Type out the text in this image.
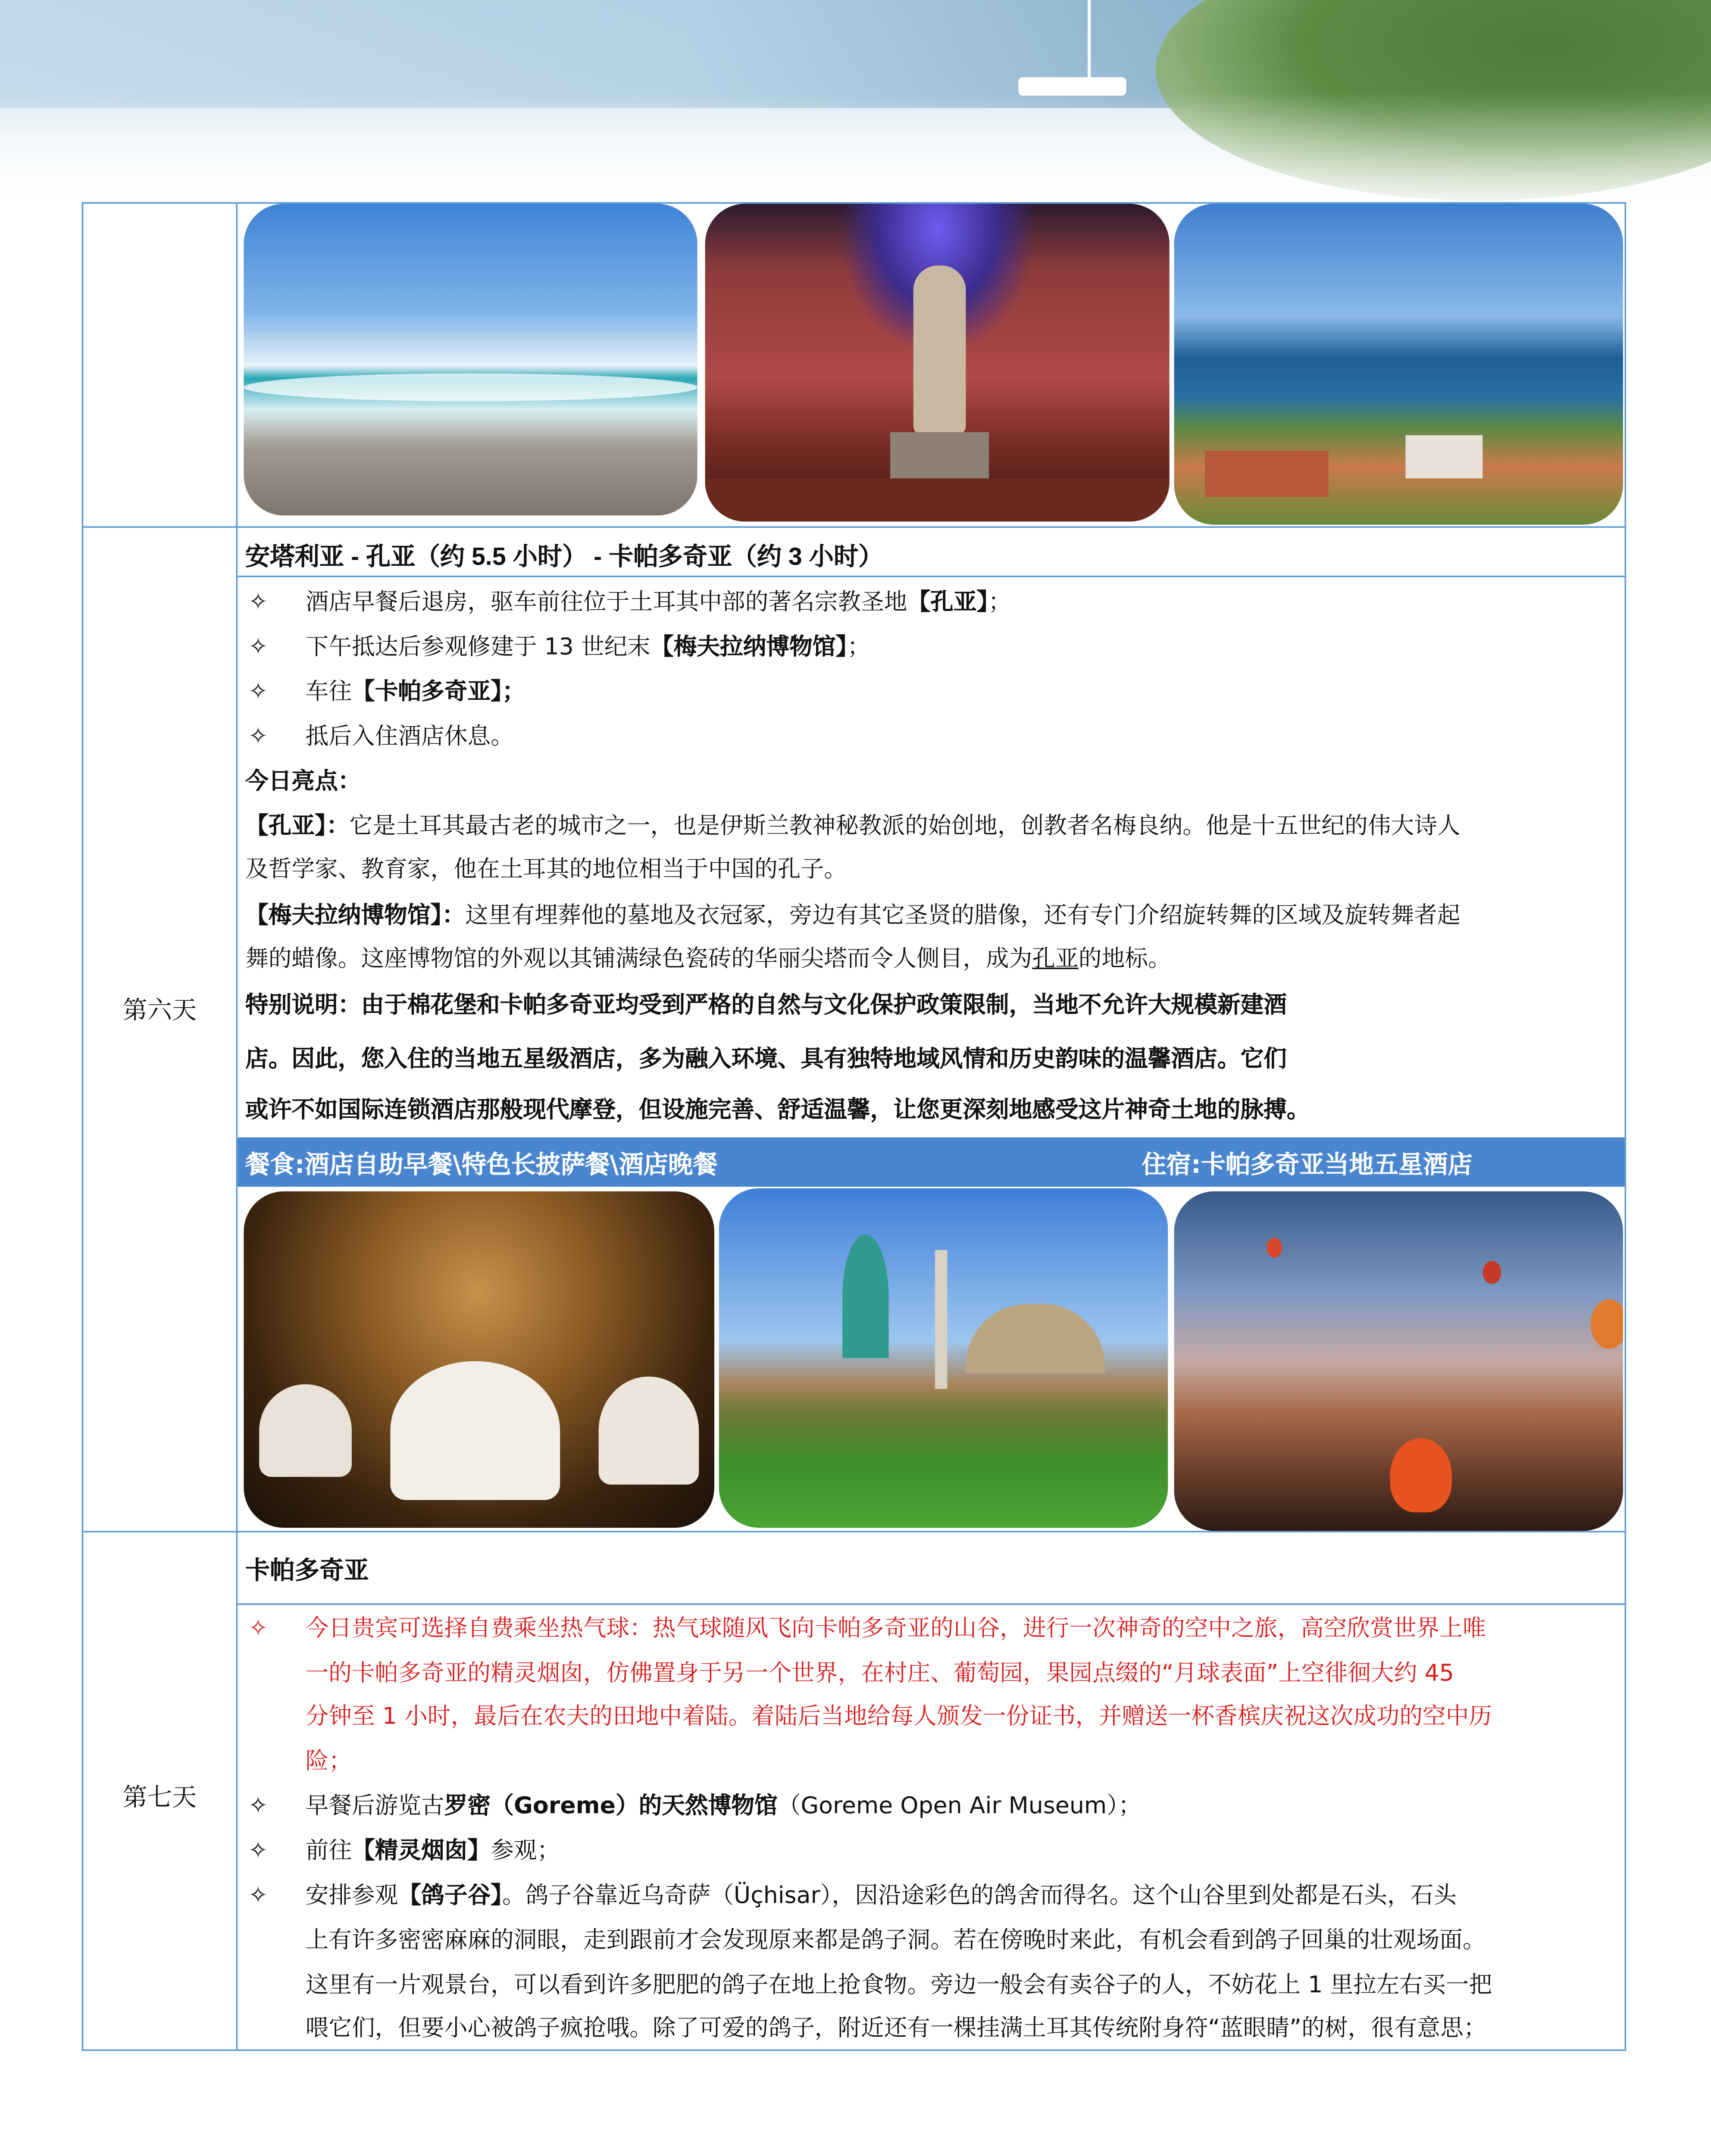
第六天
安塔利亚 - 孔亚（约 5.5 小时） - 卡帕多奇亚（约 3 小时）
✧	酒店早餐后退房，驱车前往位于土耳其中部的著名宗教圣地【孔亚】；
✧	下午抵达后参观修建于 13 世纪末【梅夫拉纳博物馆】；
✧	车往【卡帕多奇亚】；
✧	抵后入住酒店休息。
今日亮点：
【孔亚】：它是土耳其最古老的城市之一，也是伊斯兰教神秘教派的始创地，创教者名梅良纳。他是十五世纪的伟大诗人
及哲学家、教育家，他在土耳其的地位相当于中国的孔子。
【梅夫拉纳博物馆】：这里有埋葬他的墓地及衣冠冢，旁边有其它圣贤的腊像，还有专门介绍旋转舞的区域及旋转舞者起
舞的蜡像。这座博物馆的外观以其铺满绿色瓷砖的华丽尖塔而令人侧目，成为孔亚的地标。
特别说明：由于棉花堡和卡帕多奇亚均受到严格的自然与文化保护政策限制，当地不允许大规模新建酒
店。因此，您入住的当地五星级酒店，多为融入环境、具有独特地域风情和历史韵味的温馨酒店。它们
或许不如国际连锁酒店那般现代摩登，但设施完善、舒适温馨，让您更深刻地感受这片神奇土地的脉搏。
餐食:酒店自助早餐\特色长披萨餐\酒店晚餐	住宿:卡帕多奇亚当地五星酒店
第七天
卡帕多奇亚
✧	今日贵宾可选择自费乘坐热气球：热气球随风飞向卡帕多奇亚的山谷，进行一次神奇的空中之旅，高空欣赏世界上唯
一的卡帕多奇亚的精灵烟囱，仿佛置身于另一个世界，在村庄、葡萄园，果园点缀的“月球表面”上空徘徊大约 45
分钟至 1 小时，最后在农夫的田地中着陆。着陆后当地给每人颁发一份证书，并赠送一杯香槟庆祝这次成功的空中历
险；
✧	早餐后游览古罗密（Goreme）的天然博物馆（Goreme Open Air Museum）；
✧	前往【精灵烟囱】参观；
✧	安排参观【鸽子谷】。鸽子谷靠近乌奇萨（Üçhisar），因沿途彩色的鸽舍而得名。这个山谷里到处都是石头，石头
上有许多密密麻麻的洞眼，走到跟前才会发现原来都是鸽子洞。若在傍晚时来此，有机会看到鸽子回巢的壮观场面。
这里有一片观景台，可以看到许多肥肥的鸽子在地上抢食物。旁边一般会有卖谷子的人，不妨花上 1 里拉左右买一把
喂它们，但要小心被鸽子疯抢哦。除了可爱的鸽子，附近还有一棵挂满土耳其传统附身符“蓝眼睛”的树，很有意思；
